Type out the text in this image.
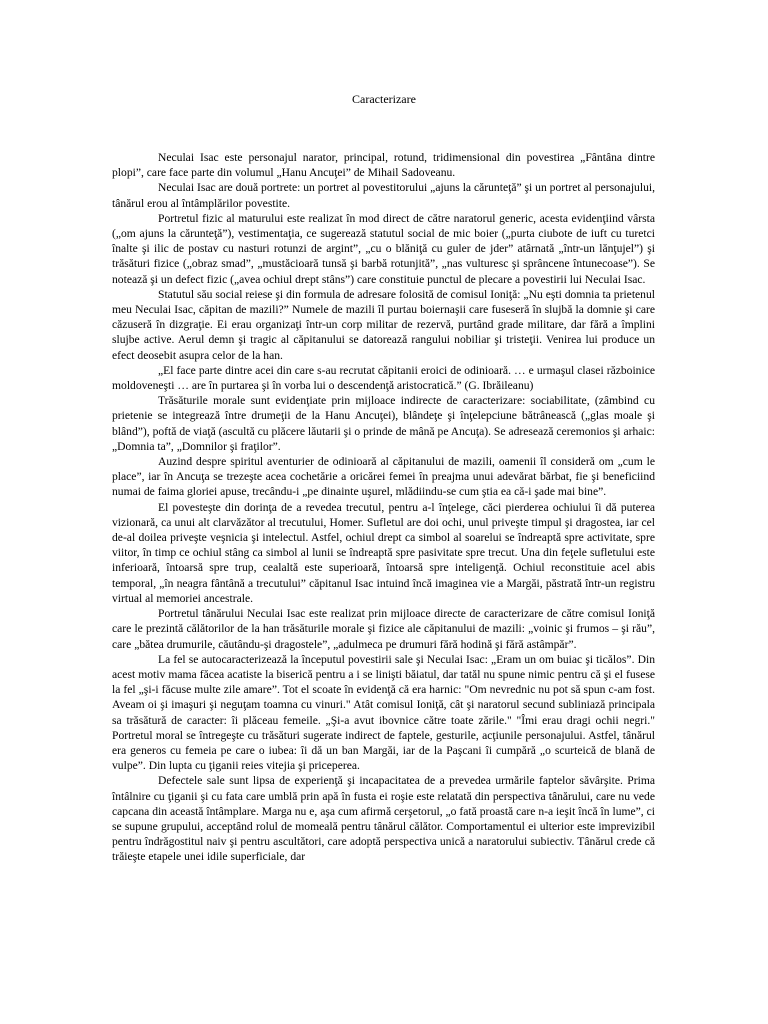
Caracterizare

Neculai Isac este personajul narator, principal, rotund, tridimensional din povestirea „Fântâna dintre plopi”, care face parte din volumul „Hanu Ancuţei” de Mihail Sadoveanu.

Neculai Isac are două portrete: un portret al povestitorului „ajuns la cărunteţă” şi un portret al personajului, tânărul erou al întâmplărilor povestite.

Portretul fizic al maturului este realizat în mod direct de către naratorul generic, acesta evidenţiind vârsta („om ajuns la cărunteţă”), vestimentaţia, ce sugerează statutul social de mic boier („purta ciubote de iuft cu turetci înalte şi ilic de postav cu nasturi rotunzi de argint”, „cu o blăniţă cu guler de jder” atârnată „într-un lănţujel”) şi trăsături fizice („obraz smad”, „mustăcioară tunsă şi barbă rotunjită”, „nas vulturesc şi sprâncene întunecoase”). Se notează şi un defect fizic („avea ochiul drept stâns”) care constituie punctul de plecare a povestirii lui Neculai Isac.

Statutul său social reiese şi din formula de adresare folosită de comisul Ioniţă: „Nu eşti domnia ta prietenul meu Neculai Isac, căpitan de mazili?” Numele de mazili îl purtau boiernaşii care fuseseră în slujbă la domnie şi care căzuseră în dizgraţie. Ei erau organizaţi într-un corp militar de rezervă, purtând grade militare, dar fără a împlini slujbe active. Aerul demn şi tragic al căpitanului se datorează rangului nobiliar şi tristeţii. Venirea lui produce un efect deosebit asupra celor de la han.

„El face parte dintre acei din care s-au recrutat căpitanii eroici de odinioară. … e urmaşul clasei războinice moldoveneşti … are în purtarea şi în vorba lui o descendenţă aristocratică.” (G. Ibrăileanu)

Trăsăturile morale sunt evidenţiate prin mijloace indirecte de caracterizare: sociabilitate, (zâmbind cu prietenie se integrează între drumeţii de la Hanu Ancuţei), blândeţe şi înţelepciune bătrânească („glas moale şi blând”), poftă de viaţă (ascultă cu plăcere lăutarii şi o prinde de mână pe Ancuţa). Se adresează ceremonios şi arhaic: „Domnia ta”, „Domnilor şi fraţilor”.

Auzind despre spiritul aventurier de odinioară al căpitanului de mazili, oamenii îl consideră om „cum le place”, iar în Ancuţa se trezeşte acea cochetărie a oricărei femei în preajma unui adevărat bărbat, fie şi beneficiind numai de faima gloriei apuse, trecându-i „pe dinainte uşurel, mlădiindu-se cum ştia ea că-i şade mai bine”.

El povesteşte din dorinţa de a revedea trecutul, pentru a-l înţelege, căci pierderea ochiului îi dă puterea vizionară, ca unui alt clarvăzător al trecutului, Homer. Sufletul are doi ochi, unul priveşte timpul şi dragostea, iar cel de-al doilea priveşte veşnicia şi intelectul. Astfel, ochiul drept ca simbol al soarelui se îndreaptă spre activitate, spre viitor, în timp ce ochiul stâng ca simbol al lunii se îndreaptă spre pasivitate spre trecut. Una din feţele sufletului este inferioară, întoarsă spre trup, cealaltă este superioară, întoarsă spre inteligenţă. Ochiul reconstituie acel abis temporal, „în neagra fântână a trecutului” căpitanul Isac intuind încă imaginea vie a Margăi, păstrată într-un registru virtual al memoriei ancestrale.

Portretul tânărului Neculai Isac este realizat prin mijloace directe de caracterizare de către comisul Ioniţă care le prezintă călătorilor de la han trăsăturile morale şi fizice ale căpitanului de mazili: „voinic şi frumos – şi rău”, care „bătea drumurile, căutându-şi dragostele”, „adulmeca pe drumuri fără hodină şi fără astâmpăr”.

La fel se autocaracterizează la începutul povestirii sale şi Neculai Isac: „Eram un om buiac şi ticălos”. Din acest motiv mama făcea acatiste la biserică pentru a i se linişti băiatul, dar tatăl nu spune nimic pentru că şi el fusese la fel „şi-i făcuse multe zile amare”. Tot el scoate în evidenţă că era harnic: "Om nevrednic nu pot să spun c-am fost. Aveam oi şi imaşuri şi neguţam toamna cu vinuri." Atât comisul Ioniţă, cât şi naratorul secund subliniază principala sa trăsătură de caracter: îi plăceau femeile. „Şi-a avut ibovnice către toate zările." "Îmi erau dragi ochii negri." Portretul moral se întregeşte cu trăsături sugerate indirect de faptele, gesturile, acţiunile personajului. Astfel, tânărul era generos cu femeia pe care o iubea: îi dă un ban Margăi, iar de la Paşcani îi cumpără „o scurteică de blană de vulpe”. Din lupta cu ţiganii reies vitejia şi priceperea.

Defectele sale sunt lipsa de experienţă şi incapacitatea de a prevedea urmările faptelor săvârşite. Prima întâlnire cu ţiganii şi cu fata care umblă prin apă în fusta ei roşie este relatată din perspectiva tânărului, care nu vede capcana din această întâmplare. Marga nu e, aşa cum afirmă cerşetorul, „o fată proastă care n-a ieşit încă în lume”, ci se supune grupului, acceptând rolul de momeală pentru tânărul călător. Comportamentul ei ulterior este imprevizibil pentru îndrăgostitul naiv şi pentru ascultători, care adoptă perspectiva unică a naratorului subiectiv. Tânărul crede că trăieşte etapele unei idile superficiale, dar
